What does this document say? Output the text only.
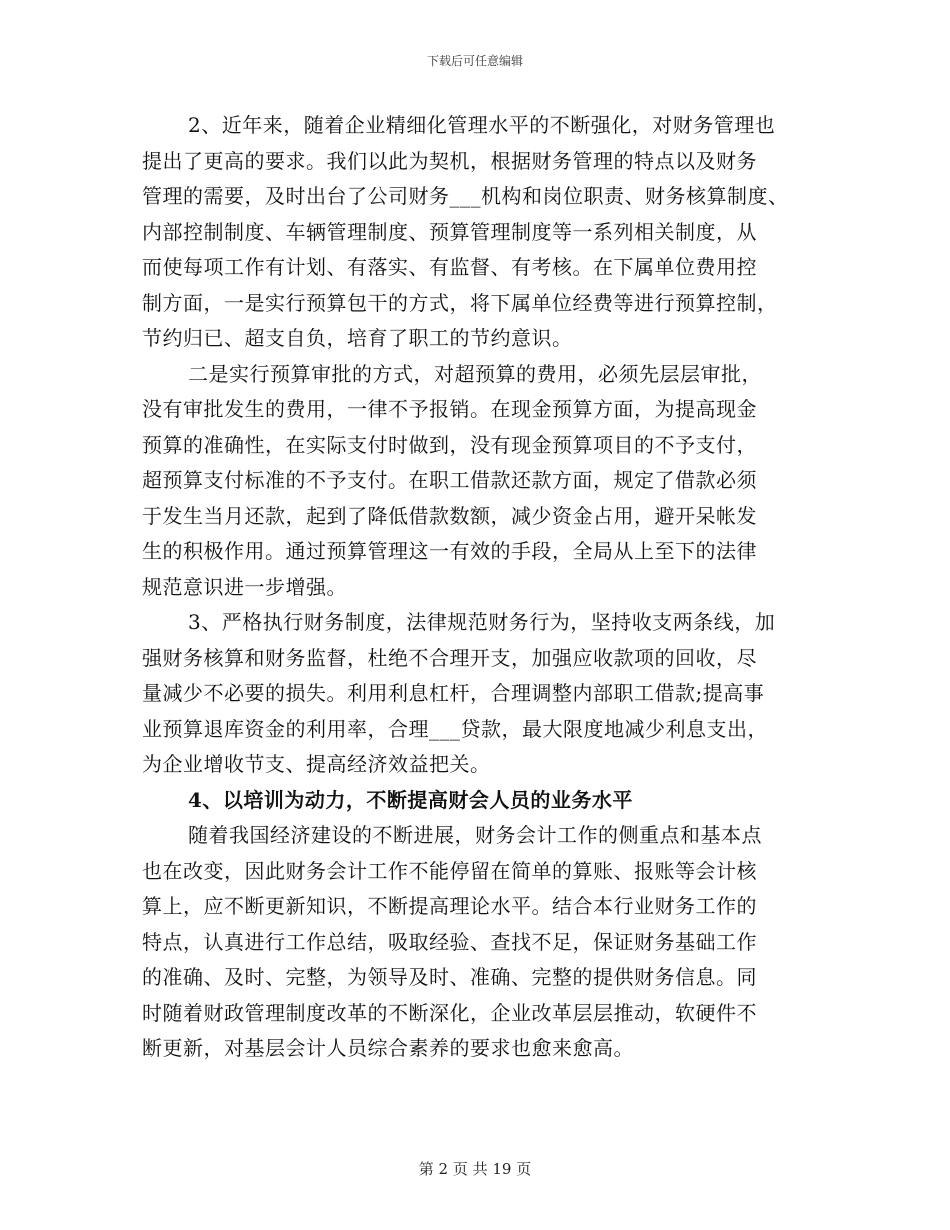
下载后可任意编辑
2、近年来，随着企业精细化管理水平的不断强化，对财务管理也
提出了更高的要求。我们以此为契机，根据财务管理的特点以及财务
管理的需要，及时出台了公司财务___机构和岗位职责、财务核算制度、
内部控制制度、车辆管理制度、预算管理制度等一系列相关制度，从
而使每项工作有计划、有落实、有监督、有考核。在下属单位费用控
制方面，一是实行预算包干的方式，将下属单位经费等进行预算控制，
节约归已、超支自负，培育了职工的节约意识。
二是实行预算审批的方式，对超预算的费用，必须先层层审批，
没有审批发生的费用，一律不予报销。在现金预算方面，为提高现金
预算的准确性，在实际支付时做到，没有现金预算项目的不予支付，
超预算支付标准的不予支付。在职工借款还款方面，规定了借款必须
于发生当月还款，起到了降低借款数额，减少资金占用，避开呆帐发
生的积极作用。通过预算管理这一有效的手段，全局从上至下的法律
规范意识进一步增强。
3、严格执行财务制度，法律规范财务行为，坚持收支两条线，加
强财务核算和财务监督，杜绝不合理开支，加强应收款项的回收，尽
量减少不必要的损失。利用利息杠杆，合理调整内部职工借款;提高事
业预算退库资金的利用率，合理___贷款，最大限度地减少利息支出，
为企业增收节支、提高经济效益把关。
4、以培训为动力，不断提高财会人员的业务水平
随着我国经济建设的不断进展，财务会计工作的侧重点和基本点
也在改变，因此财务会计工作不能停留在简单的算账、报账等会计核
算上，应不断更新知识，不断提高理论水平。结合本行业财务工作的
特点，认真进行工作总结，吸取经验、查找不足，保证财务基础工作
的准确、及时、完整，为领导及时、准确、完整的提供财务信息。同
时随着财政管理制度改革的不断深化，企业改革层层推动，软硬件不
断更新，对基层会计人员综合素养的要求也愈来愈高。
第 2 页 共 19 页
